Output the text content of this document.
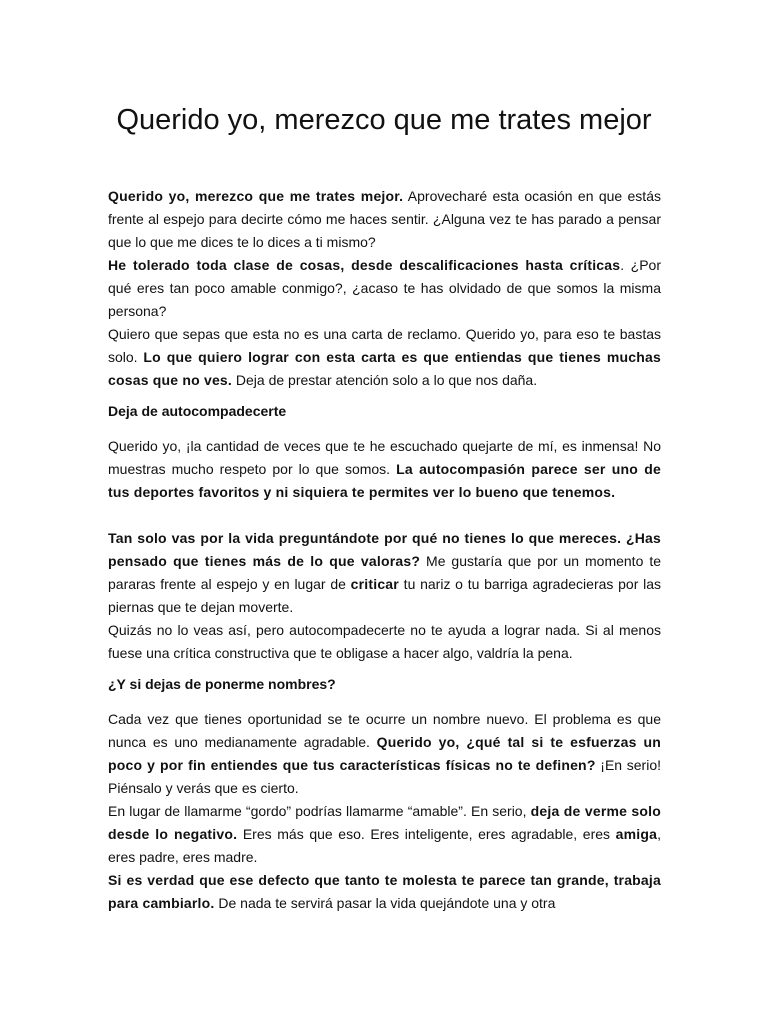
Querido yo, merezco que me trates mejor

Querido yo, merezco que me trates mejor. Aprovecharé esta ocasión en que estás frente al espejo para decirte cómo me haces sentir. ¿Alguna vez te has parado a pensar que lo que me dices te lo dices a ti mismo?

He tolerado toda clase de cosas, desde descalificaciones hasta críticas. ¿Por qué eres tan poco amable conmigo?, ¿acaso te has olvidado de que somos la misma persona?

Quiero que sepas que esta no es una carta de reclamo. Querido yo, para eso te bastas solo. Lo que quiero lograr con esta carta es que entiendas que tienes muchas cosas que no ves. Deja de prestar atención solo a lo que nos daña.

Deja de autocompadecerte

Querido yo, ¡la cantidad de veces que te he escuchado quejarte de mí, es inmensa! No muestras mucho respeto por lo que somos. La autocompasión parece ser uno de tus deportes favoritos y ni siquiera te permites ver lo bueno que tenemos.

Tan solo vas por la vida preguntándote por qué no tienes lo que mereces. ¿Has pensado que tienes más de lo que valoras? Me gustaría que por un momento te pararas frente al espejo y en lugar de criticar tu nariz o tu barriga agradecieras por las piernas que te dejan moverte.

Quizás no lo veas así, pero autocompadecerte no te ayuda a lograr nada. Si al menos fuese una crítica constructiva que te obligase a hacer algo, valdría la pena.

¿Y si dejas de ponerme nombres?

Cada vez que tienes oportunidad se te ocurre un nombre nuevo. El problema es que nunca es uno medianamente agradable. Querido yo, ¿qué tal si te esfuerzas un poco y por fin entiendes que tus características físicas no te definen? ¡En serio! Piénsalo y verás que es cierto.

En lugar de llamarme “gordo” podrías llamarme “amable”. En serio, deja de verme solo desde lo negativo. Eres más que eso. Eres inteligente, eres agradable, eres amiga, eres padre, eres madre.

Si es verdad que ese defecto que tanto te molesta te parece tan grande, trabaja para cambiarlo. De nada te servirá pasar la vida quejándote una y otra
